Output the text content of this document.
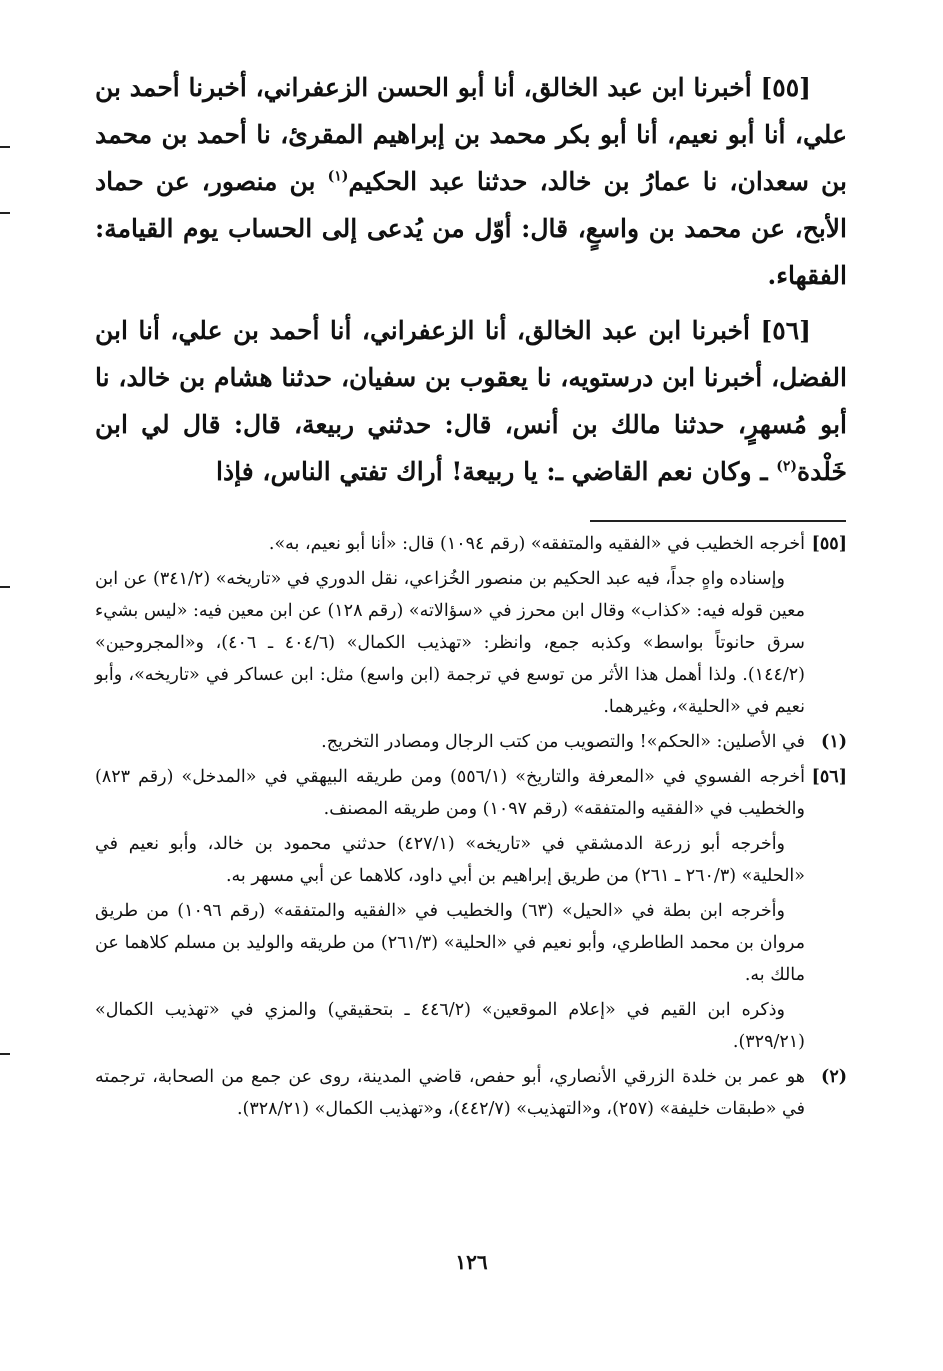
[٥٥] أخبرنا ابن عبد الخالق، أنا أبو الحسن الزعفراني، أخبرنا أحمد بن علي، أنا أبو نعيم، أنا أبو بكر محمد بن إبراهيم المقرئ، نا أحمد بن محمد بن سعدان، نا عمارُ بن خالد، حدثنا عبد الحكيم$^{(١)}$ بن منصور، عن حماد الأبح، عن محمد بن واسعٍ، قال: أوّل من يُدعى إلى الحساب يوم القيامة: الفقهاء.

[٥٦] أخبرنا ابن عبد الخالق، أنا الزعفراني، أنا أحمد بن علي، أنا ابن الفضل، أخبرنا ابن درستويه، نا يعقوب بن سفيان، حدثنا هشام بن خالد، نا أبو مُسهرٍ، حدثنا مالك بن أنس، قال: حدثني ربيعة، قال: قال لي ابن خَلْدة$^{(٢)}$ ـ وكان نعم القاضي ـ: يا ربيعة! أراك تفتي الناس، فإذا

[٥٥]
أخرجه الخطيب في «الفقيه والمتفقه» (رقم ١٠٩٤) قال: «أنا أبو نعيم، به».
وإسناده واهٍ جداً، فيه عبد الحكيم بن منصور الخُزاعي، نقل الدوري في «تاريخه» (٣٤١/٢) عن ابن معين قوله فيه: «كذاب» وقال ابن محرز في «سؤالاته» (رقم ١٢٨) عن ابن معين فيه: «ليس بشيء سرق حانوتاً بواسط» وكذبه جمع، وانظر: «تهذيب الكمال» (٤٠٤/٦ ـ ٤٠٦)، و«المجروحين» (١٤٤/٢). ولذا أهمل هذا الأثر من توسع في ترجمة (ابن واسع) مثل: ابن عساكر في «تاريخه»، وأبو نعيم في «الحلية»، وغيرهما.
(١)
في الأصلين: «الحكم»! والتصويب من كتب الرجال ومصادر التخريج.
[٥٦]
أخرجه الفسوي في «المعرفة والتاريخ» (٥٥٦/١) ومن طريقه البيهقي في «المدخل» (رقم ٨٢٣) والخطيب في «الفقيه والمتفقه» (رقم ١٠٩٧) ومن طريقه المصنف.
وأخرجه أبو زرعة الدمشقي في «تاريخه» (٤٢٧/١) حدثني محمود بن خالد، وأبو نعيم في «الحلية» (٢٦٠/٣ ـ ٢٦١) من طريق إبراهيم بن أبي داود، كلاهما عن أبي مسهر به.
وأخرجه ابن بطة في «الحيل» (٦٣) والخطيب في «الفقيه والمتفقه» (رقم ١٠٩٦) من طريق مروان بن محمد الطاطري، وأبو نعيم في «الحلية» (٢٦١/٣) من طريقه والوليد بن مسلم كلاهما عن مالك به.
وذكره ابن القيم في «إعلام الموقعين» (٤٤٦/٢ ـ بتحقيقي) والمزي في «تهذيب الكمال» (٣٢٩/٢١).
(٢)
هو عمر بن خلدة الزرقي الأنصاري، أبو حفص، قاضي المدينة، روى عن جمع من الصحابة، ترجمته في «طبقات خليفة» (٢٥٧)، و«التهذيب» (٤٤٢/٧)، و«تهذيب الكمال» (٣٢٨/٢١).
١٢٦
